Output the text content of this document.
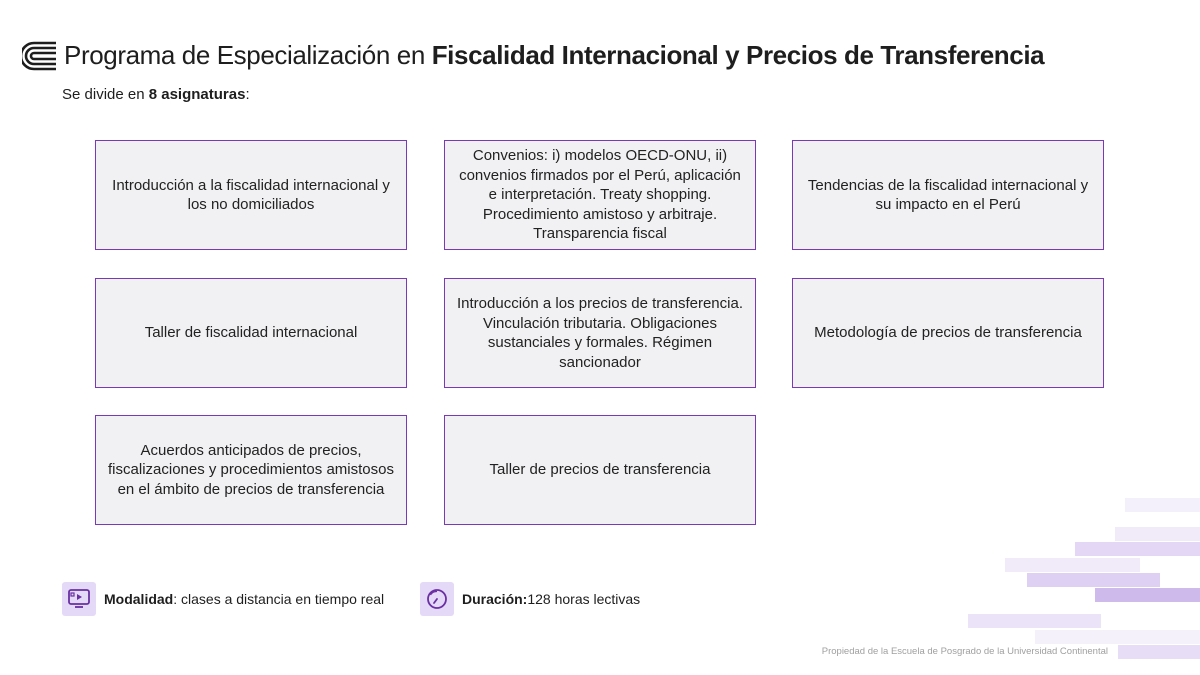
Programa de Especialización en Fiscalidad Internacional y Precios de Transferencia
Se divide en 8 asignaturas:
Introducción a la fiscalidad internacional y los no domiciliados
Convenios: i) modelos OECD-ONU, ii) convenios firmados por el Perú, aplicación e interpretación. Treaty shopping. Procedimiento amistoso y arbitraje. Transparencia fiscal
Tendencias de la fiscalidad internacional y su impacto en el Perú
Taller de fiscalidad internacional
Introducción a los precios de transferencia. Vinculación tributaria. Obligaciones sustanciales y formales. Régimen sancionador
Metodología de precios de transferencia
Acuerdos anticipados de precios, fiscalizaciones y procedimientos amistosos en el ámbito de precios de transferencia
Taller de precios de transferencia
Modalidad : clases a distancia en tiempo real	Duración: 128 horas lectivas
Propiedad de la Escuela de Posgrado de la Universidad Continental
